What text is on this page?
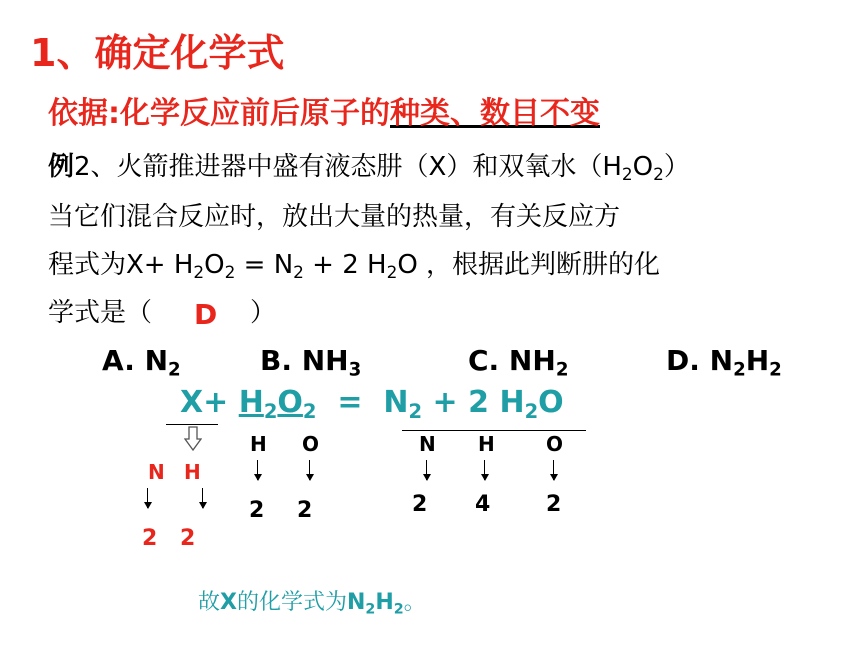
1、确定化学式
依据:化学反应前后原子的种类、数目不变
例2、火箭推进器中盛有液态肼（X）和双氧水$(H_2O_2)$
当它们混合反应时，放出大量的热量，有关反应方
程式为$X+ H_2O_2 = N_2 + 2$ $H_2O$ ，根据此判断肼的化
学式是（ D ）
A. $N_2$	B. $NH_3$	C. $NH_2$	D. $N_2H_2$
$X+ H_2O_2 = N_2 + 2$ $H_2O$
N H
2 2
H O
2 2
N H	O
2 4	2
故X的化学式为$N_2H_2$。
